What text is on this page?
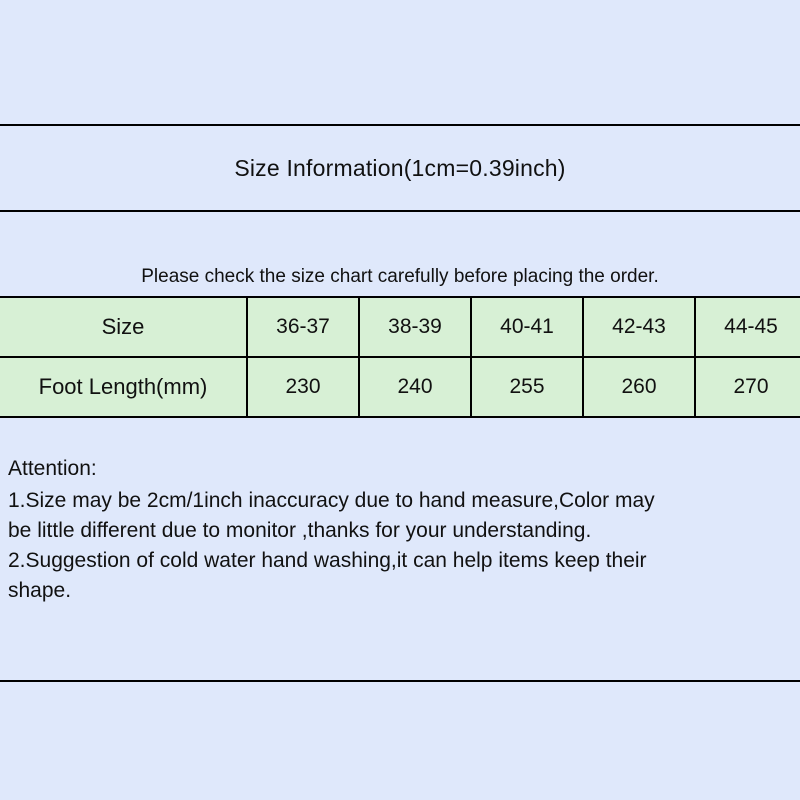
Size Information(1cm=0.39inch)
Please check the size chart carefully before placing the order.
Size	36-37	38-39	40-41	42-43	44-45
Foot Length(mm)	230	240	255	260	270
Attention:
1.Size may be 2cm/1inch inaccuracy due to hand measure,Color may
be little different due to monitor ,thanks for your understanding.
2.Suggestion of cold water hand washing,it can help items keep their
shape.
